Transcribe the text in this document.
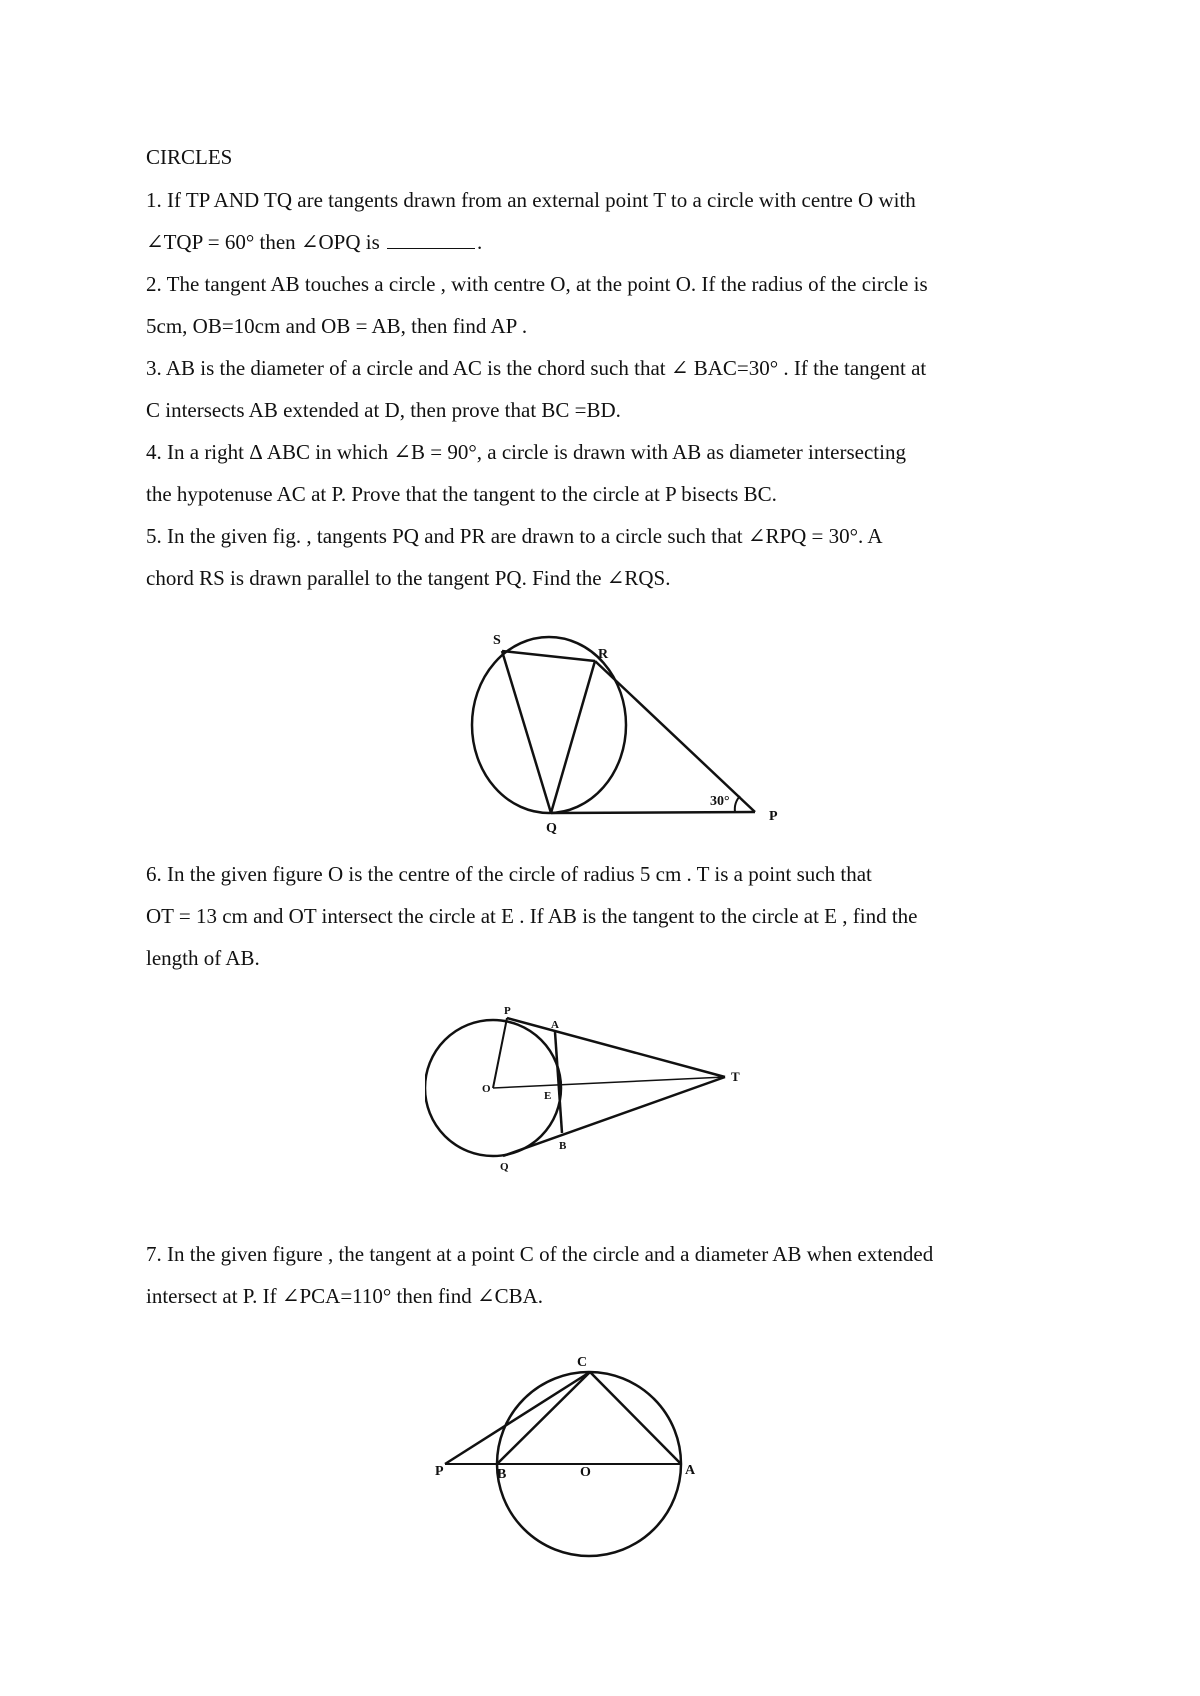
CIRCLES
1. If TP AND TQ are tangents drawn from an external point T to a circle with centre O with
∠TQP = 60° then ∠OPQ is	.
2. The tangent AB touches a circle , with centre O, at the point O. If the radius of the circle is
5cm, OB=10cm and OB = AB, then find AP .
3. AB is the diameter of a circle and AC is the chord such that ∠ BAC=30° . If the tangent at
C intersects AB extended at D, then prove that BC =BD.
4. In a right Δ ABC in which ∠B = 90°, a circle is drawn with AB as diameter intersecting
the hypotenuse AC at P. Prove that the tangent to the circle at P bisects BC.
5. In the given fig. , tangents PQ and PR are drawn to a circle such that ∠RPQ = 30°. A
chord RS is drawn parallel to the tangent PQ. Find the ∠RQS.
S
R
Q
P
30°
6. In the given figure O is the centre of the circle of radius 5 cm . T is a point such that
OT = 13 cm and OT intersect the circle at E . If AB is the tangent to the circle at E , find the
length of AB.
P
A
O
E
T
B
Q
7. In the given figure , the tangent at a point C of the circle and a diameter AB when extended
intersect at P. If ∠PCA=110° then find ∠CBA.
C
P	B	O	A
